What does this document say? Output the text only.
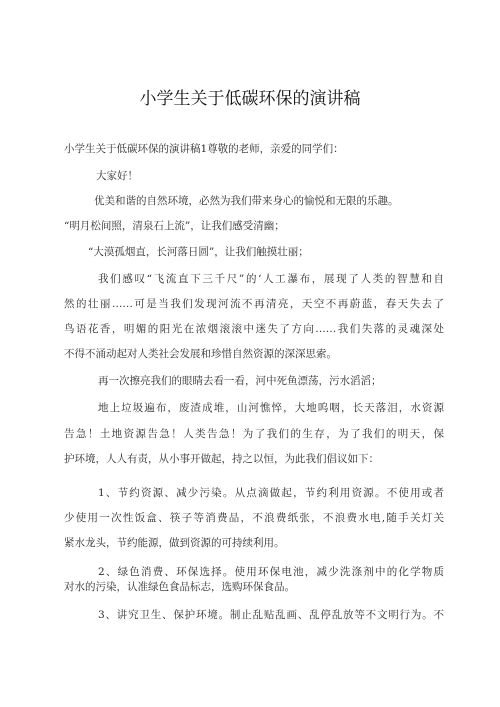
小学生关于低碳环保的演讲稿
小学生关于低碳环保的演讲稿1尊敬的老师，亲爱的同学们：
大家好！
优美和谐的自然环境，必然为我们带来身心的愉悦和无限的乐趣。
“明月松间照，清泉石上流”，让我们感受清幽；
“大漠孤烟直，长河落日圆”，让我们触摸壮丽；
我们感叹“飞流直下三千尺”的‘人工瀑布，展现了人类的智慧和自
然的壮丽……可是当我们发现河流不再清亮，天空不再蔚蓝，春天失去了
鸟语花香，明媚的阳光在浓烟滚滚中迷失了方向……我们失落的灵魂深处
不得不涌动起对人类社会发展和珍惜自然资源的深深思索。
再一次擦亮我们的眼睛去看一看，河中死鱼漂荡，污水滔滔；
地上垃圾遍布，废渣成堆，山河憔悴，大地呜咽，长天落泪，水资源
告急！土地资源告急！人类告急！为了我们的生存，为了我们的明天，保
护环境，人人有责，从小事开做起，持之以恒，为此我们倡议如下：
1、节约资源、减少污染。从点滴做起，节约利用资源。不使用或者
少使用一次性饭盒、筷子等消费品，不浪费纸张，不浪费水电,随手关灯关
紧水龙头，节约能源，做到资源的可持续利用。
2、绿色消费、环保选择。使用环保电池，减少洗涤剂中的化学物质
对水的污染，认准绿色食品标志，选购环保食品。
3、讲究卫生、保护环境。制止乱贴乱画、乱停乱放等不文明行为。不
